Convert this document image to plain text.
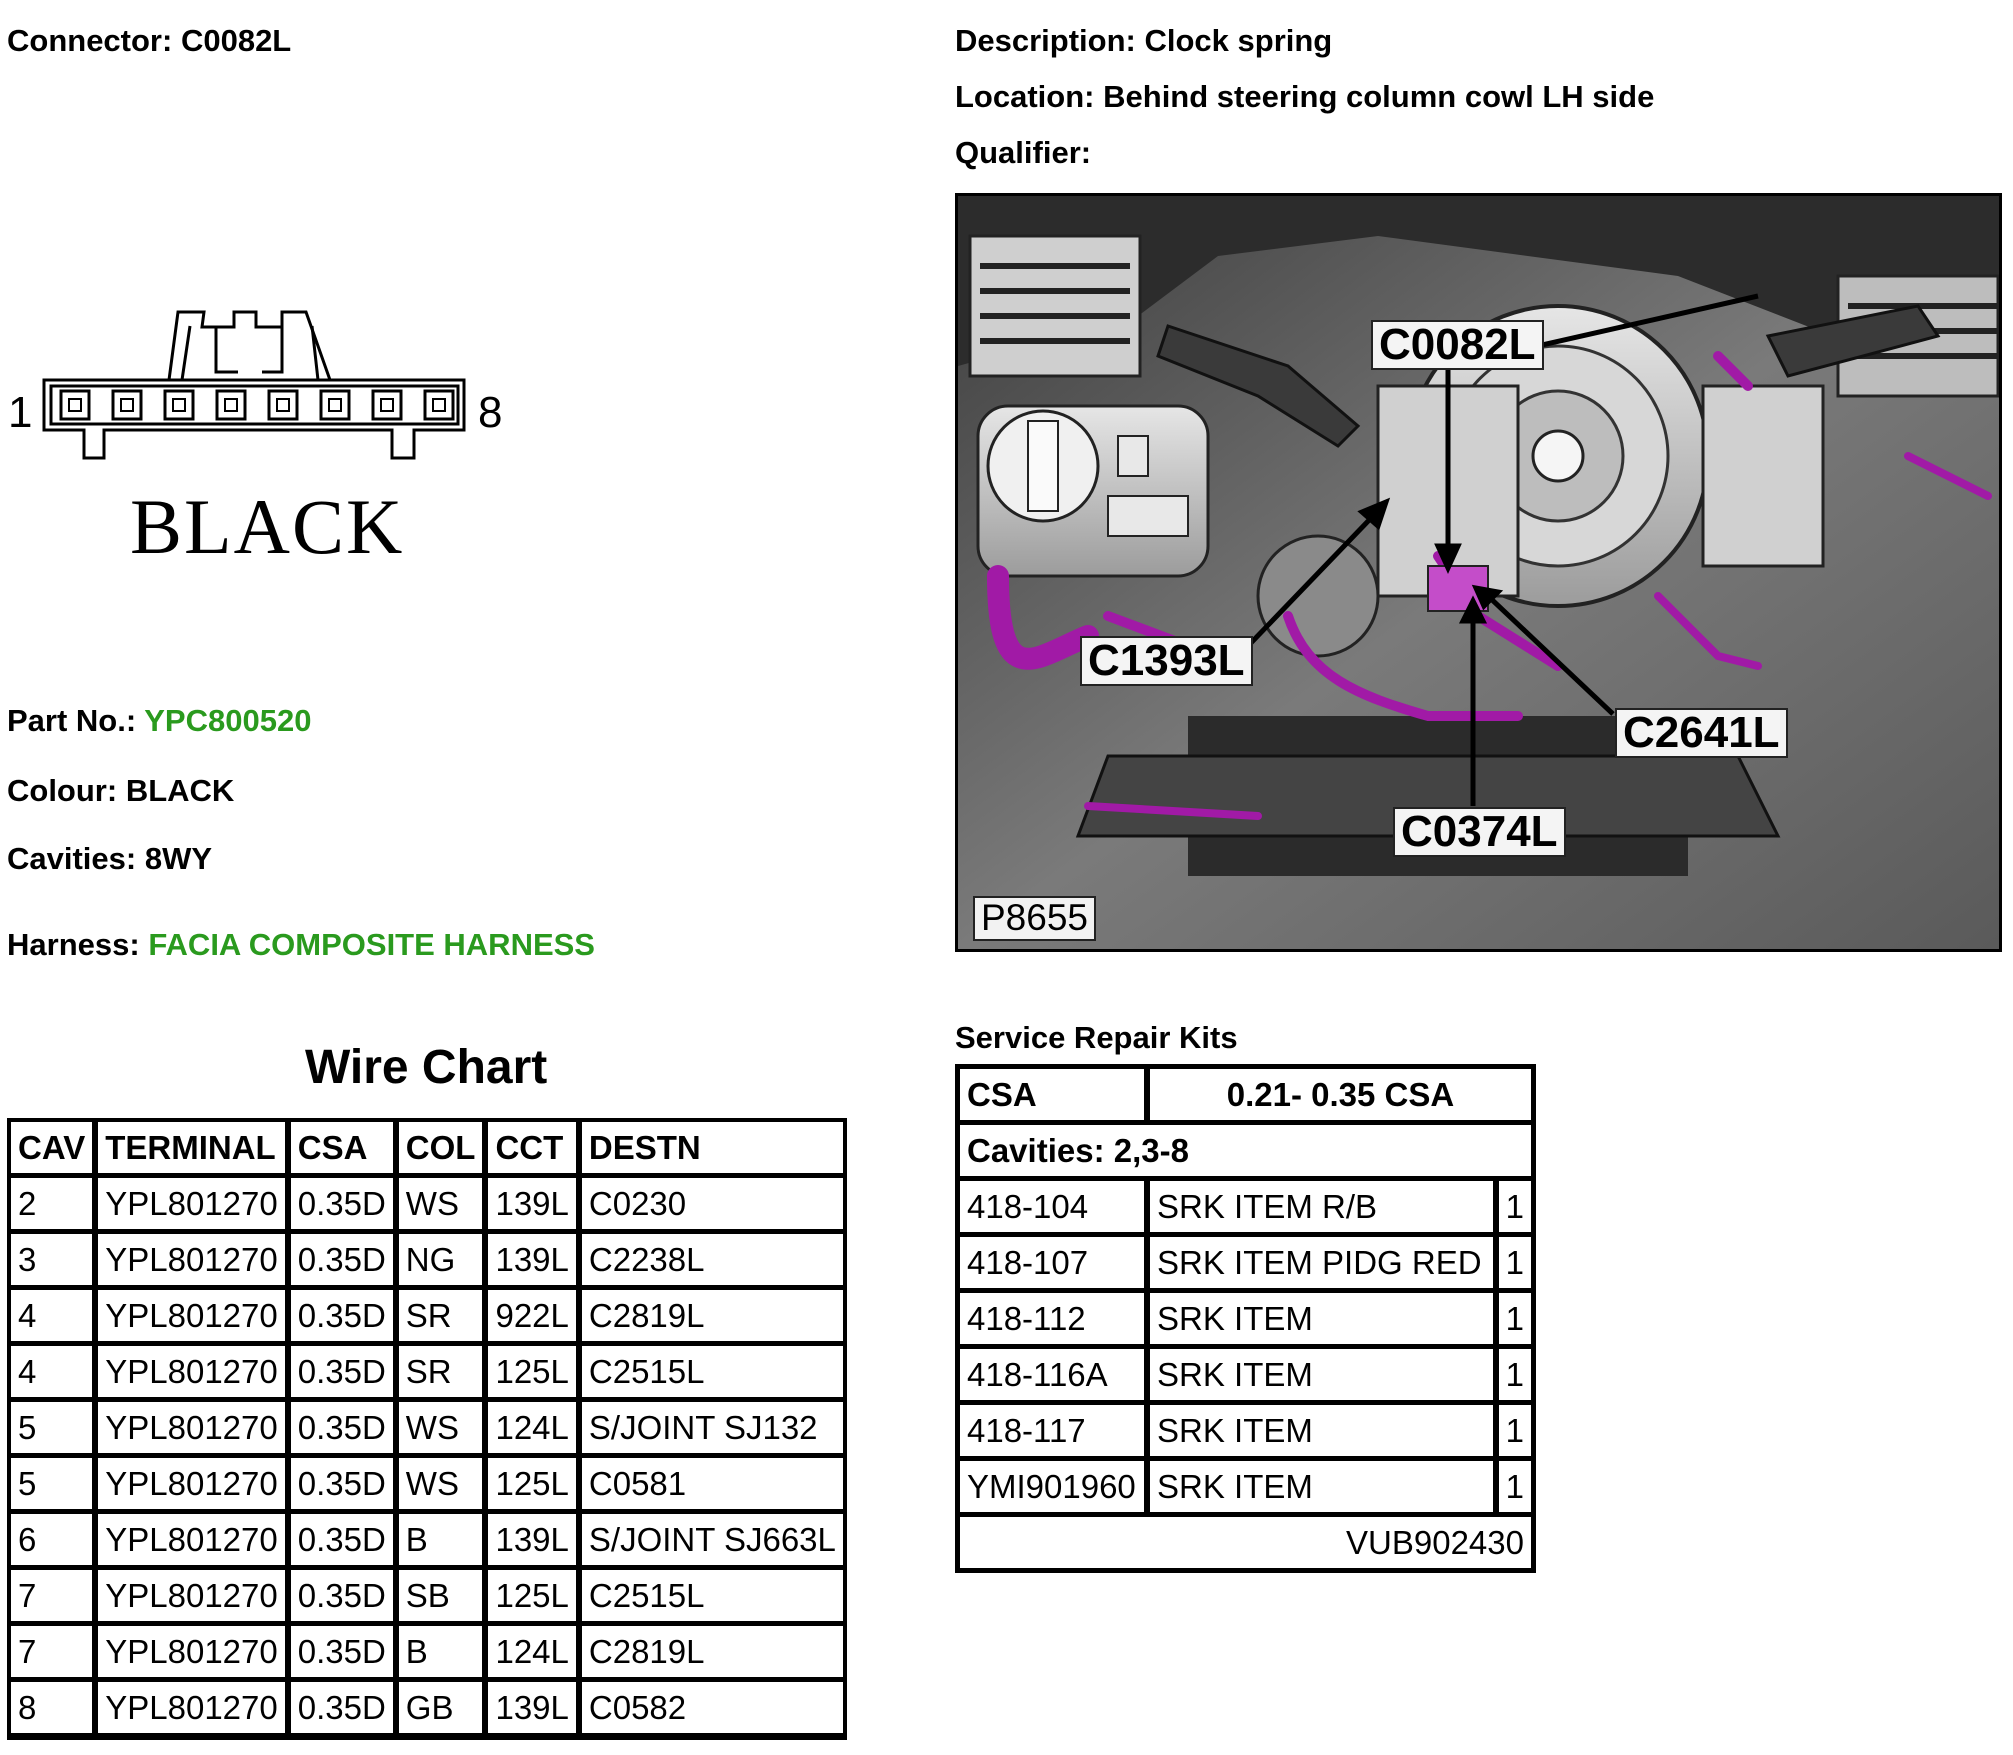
Connector: C0082L	Description: Clock spring
Location: Behind steering column cowl LH side
Qualifier:
1	8
BLACK
Part No.: YPC800520
Colour: BLACK
Cavities: 8WY
Harness: FACIA COMPOSITE HARNESS
C0082L
C1393L
C2641L
C0374L
P8655
Wire Chart
CAV	TERMINAL	CSA	COL	CCT	DESTN
2	YPL801270	0.35D	WS	139L	C0230
3	YPL801270	0.35D	NG	139L	C2238L
4	YPL801270	0.35D	SR	922L	C2819L
4	YPL801270	0.35D	SR	125L	C2515L
5	YPL801270	0.35D	WS	124L	S/JOINT SJ132
5	YPL801270	0.35D	WS	125L	C0581
6	YPL801270	0.35D	B	139L	S/JOINT SJ663L
7	YPL801270	0.35D	SB	125L	C2515L
7	YPL801270	0.35D	B	124L	C2819L
8	YPL801270	0.35D	GB	139L	C0582
Service Repair Kits
CSA	0.21- 0.35 CSA	
Cavities: 2,3-8		
418-104	SRK ITEM R/B	1
418-107	SRK ITEM PIDG RED	1
418-112	SRK ITEM	1
418-116A	SRK ITEM	1
418-117	SRK ITEM	1
YMI901960	SRK ITEM	1
VUB902430		
